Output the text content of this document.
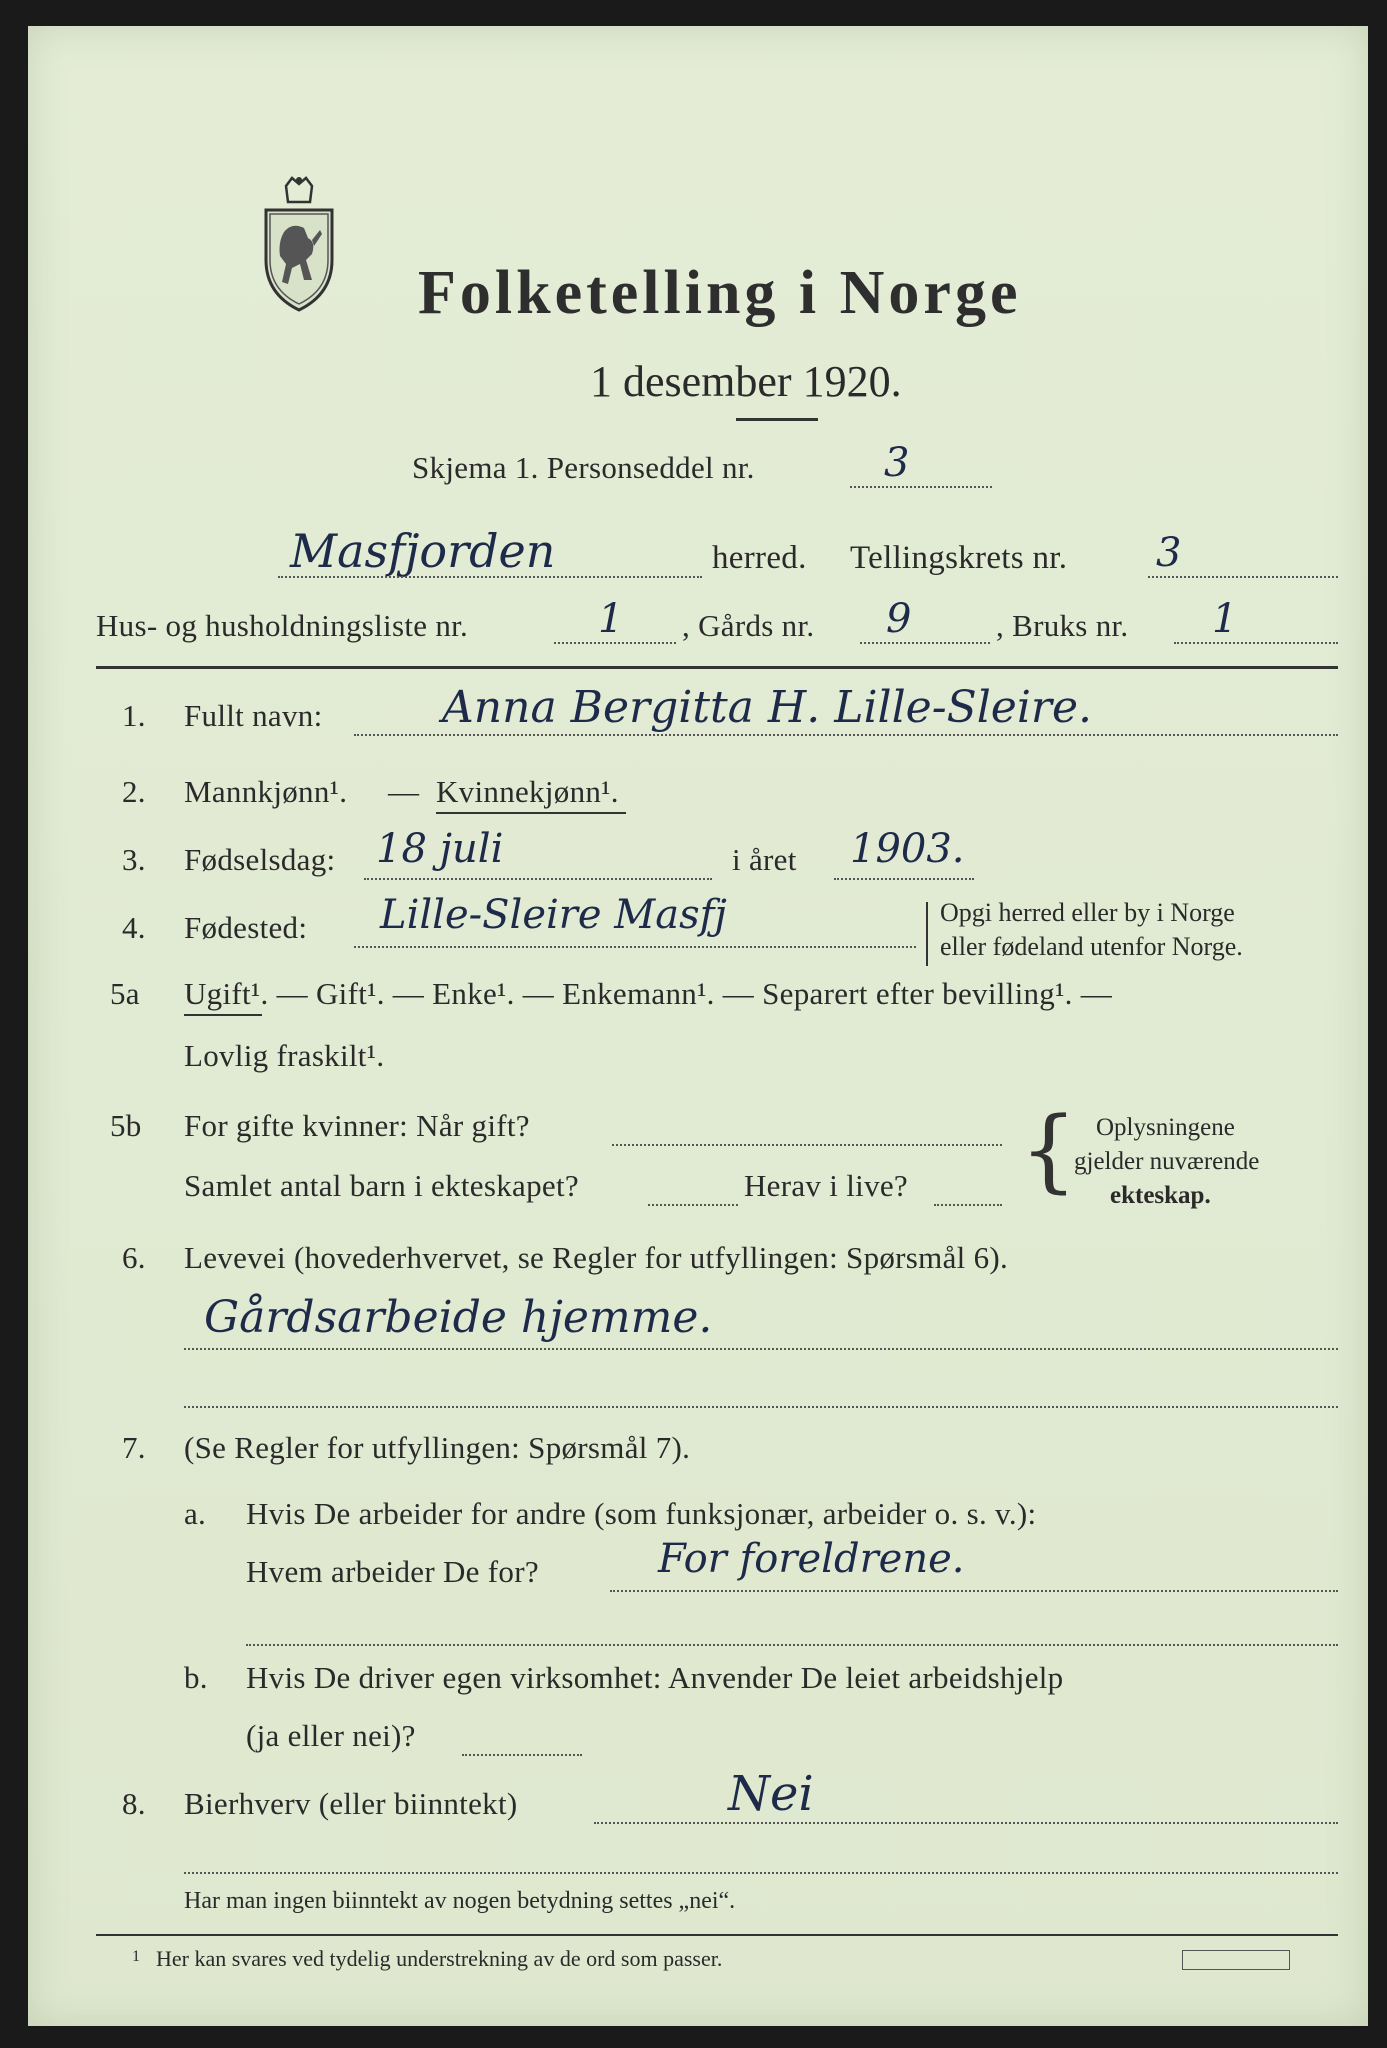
Folketelling i Norge
1 desember 1920.
Skjema 1. Personseddel nr.	3
Masfjorden	herred. Tellingskrets nr. 3
Hus- og husholdningsliste nr.	1 , Gårds nr. 9	, Bruks nr. 1
1. Fullt navn:	Anna Bergitta H. Lille-Sleire.
2. Mannkjønn¹. — Kvinnekjønn¹.
3. Fødselsdag: 18 juli	i året 1903.
4. Fødested: Lille-Sleire Masfj	Opgi herred eller by i Norge
eller fødeland utenfor Norge.
5a Ugift¹. — Gift¹. — Enke¹. — Enkemann¹. — Separert efter bevilling¹. —
Lovlig fraskilt¹.
5b For gifte kvinner: Når gift?
Samlet antal barn i ekteskapet?	Herav i live? { Oplysningene
gjelder nuværende
ekteskap.
6. Levevei (hovederhvervet, se Regler for utfyllingen: Spørsmål 6).
Gårdsarbeide hjemme.
7. (Se Regler for utfyllingen: Spørsmål 7).
a. Hvis De arbeider for andre (som funksjonær, arbeider o. s. v.):
Hvem arbeider De for?	For foreldrene.
b. Hvis De driver egen virksomhet: Anvender De leiet arbeidshjelp
(ja eller nei)?
8. Bierhverv (eller biinntekt)	Nei
Har man ingen biinntekt av nogen betydning settes „nei“.
1 Her kan svares ved tydelig understrekning av de ord som passer.
